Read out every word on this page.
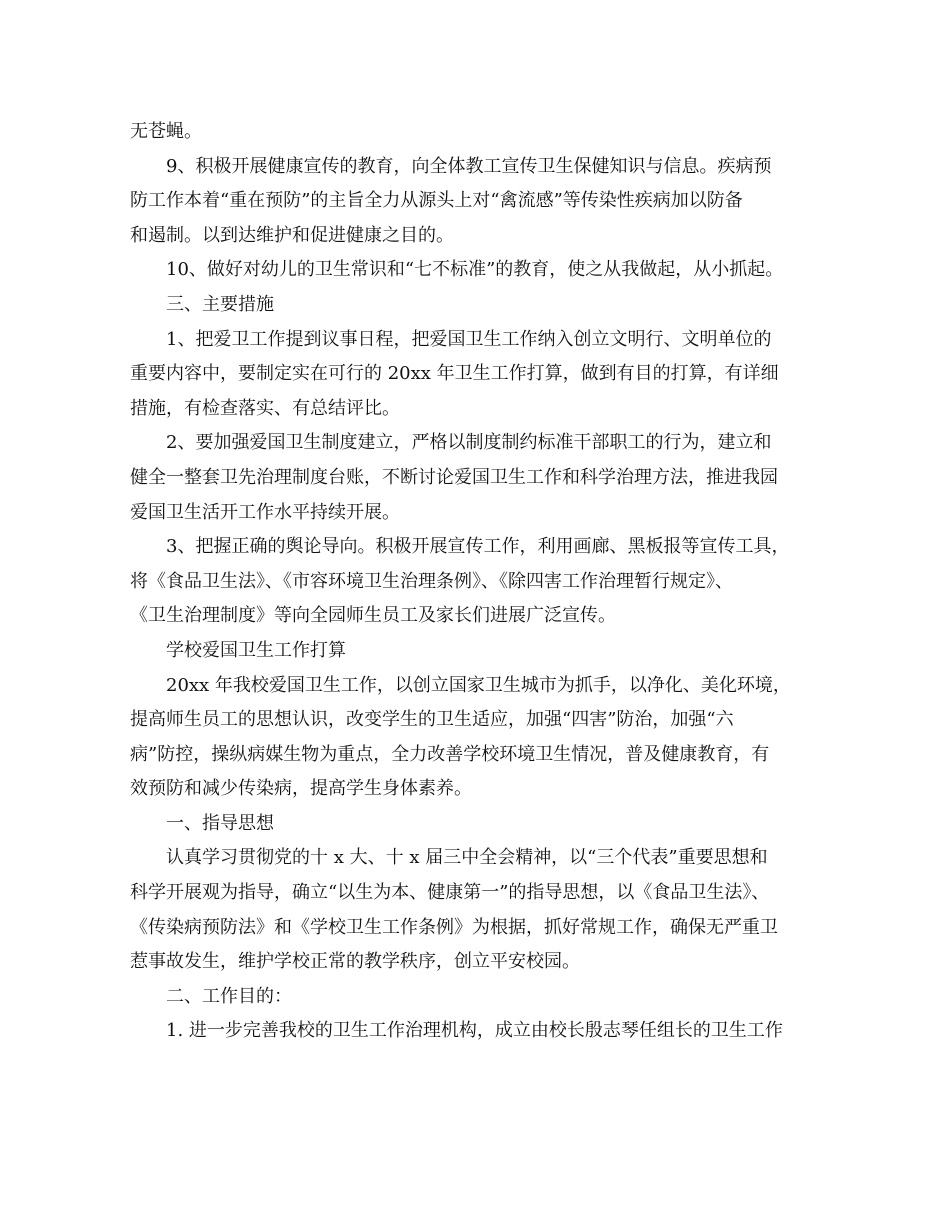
无苍蝇。
9、积极开展健康宣传的教育，向全体教工宣传卫生保健知识与信息。疾病预
防工作本着“重在预防”的主旨全力从源头上对“禽流感”等传染性疾病加以防备
和遏制。以到达维护和促进健康之目的。
10、做好对幼儿的卫生常识和“七不标准”的教育，使之从我做起，从小抓起。
三、主要措施
1、把爱卫工作提到议事日程，把爱国卫生工作纳入创立文明行、文明单位的
重要内容中，要制定实在可行的 20xx 年卫生工作打算，做到有目的打算，有详细
措施，有检查落实、有总结评比。
2、要加强爱国卫生制度建立，严格以制度制约标准干部职工的行为，建立和
健全一整套卫先治理制度台账，不断讨论爱国卫生工作和科学治理方法，推进我园
爱国卫生活开工作水平持续开展。
3、把握正确的舆论导向。积极开展宣传工作，利用画廊、黑板报等宣传工具，
将《食品卫生法》、《市容环境卫生治理条例》、《除四害工作治理暂行规定》、
《卫生治理制度》等向全园师生员工及家长们进展广泛宣传。
学校爱国卫生工作打算
20xx 年我校爱国卫生工作，以创立国家卫生城市为抓手，以净化、美化环境，
提高师生员工的思想认识，改变学生的卫生适应，加强“四害”防治，加强“六
病”防控，操纵病媒生物为重点，全力改善学校环境卫生情况，普及健康教育，有
效预防和减少传染病，提高学生身体素养。
一、指导思想
认真学习贯彻党的十 x 大、十 x 届三中全会精神，以“三个代表”重要思想和
科学开展观为指导，确立“以生为本、健康第一”的指导思想，以《食品卫生法》、
《传染病预防法》和《学校卫生工作条例》为根据，抓好常规工作，确保无严重卫
惹事故发生，维护学校正常的教学秩序，创立平安校园。
二、工作目的：
1. 进一步完善我校的卫生工作治理机构，成立由校长殷志琴任组长的卫生工作
